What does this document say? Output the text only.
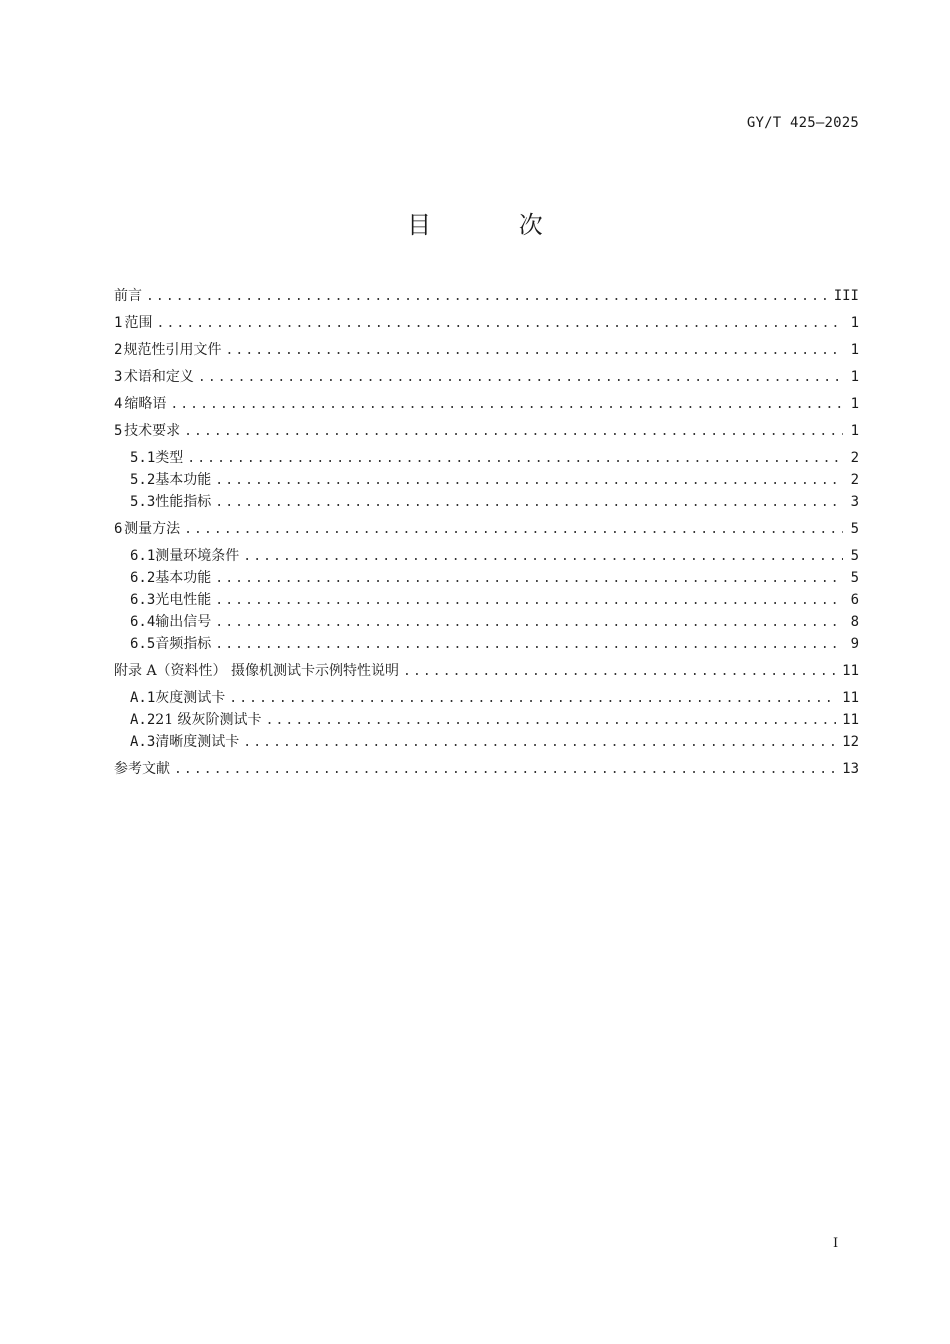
GY/T 425—2025
目 次
前言 .....	III
1 范围 .....	1
2 规范性引用文件 .....	1
3 术语和定义 .....	1
4 缩略语 .....	1
5 技术要求 .....	1
5.1 类型 .....	2
5.2 基本功能 .....	2
5.3 性能指标 .....	3
6 测量方法 .....	5
6.1 测量环境条件 .....	5
6.2 基本功能 .....	5
6.3 光电性能 .....	6
6.4 输出信号 .....	8
6.5 音频指标 .....	9
附录 A（资料性） 摄像机测试卡示例特性说明 .....	11
A.1 灰度测试卡 .....	11
A.2 21 级灰阶测试卡 .....	11
A.3 清晰度测试卡 .....	12
参考文献 .....	13
I
